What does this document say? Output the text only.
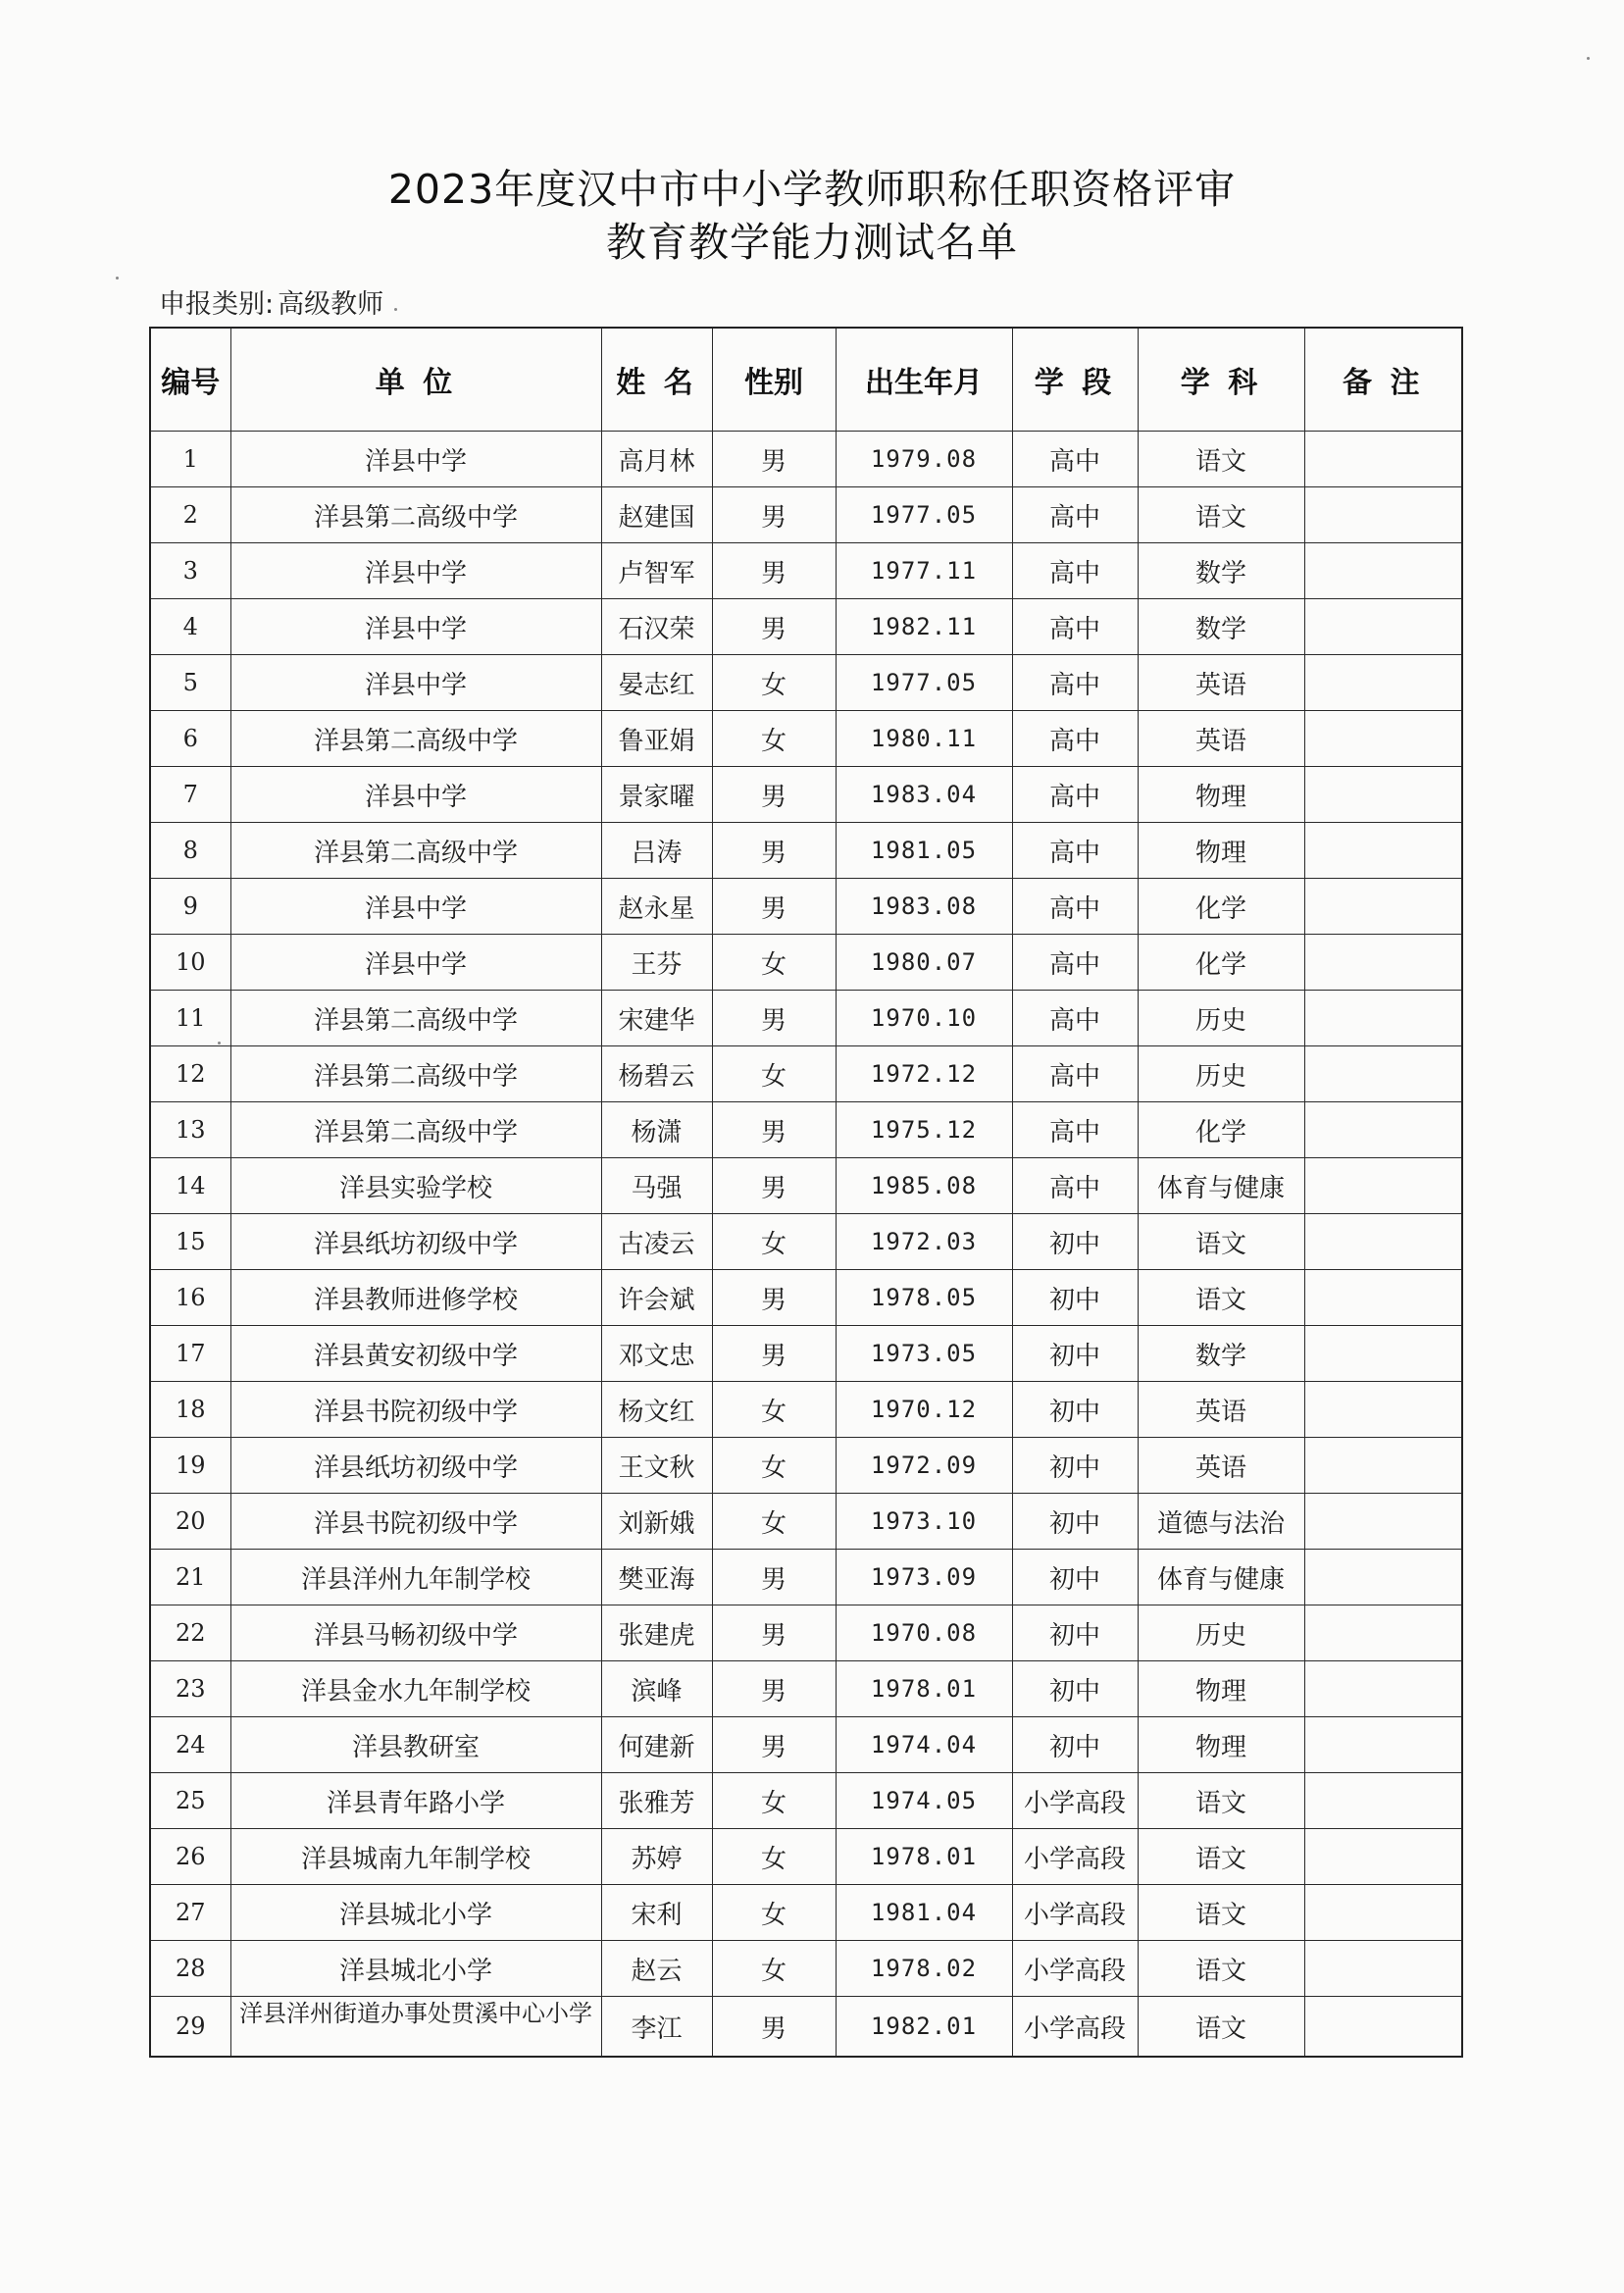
2023年度汉中市中小学教师职称任职资格评审
教育教学能力测试名单
申报类别: 高级教师
编号	单 位	姓 名	性别	出生年月	学 段	学 科	备 注
1	洋县中学	高月林	男	1979.08	高中	语文	
2	洋县第二高级中学	赵建国	男	1977.05	高中	语文	
3	洋县中学	卢智军	男	1977.11	高中	数学	
4	洋县中学	石汉荣	男	1982.11	高中	数学	
5	洋县中学	晏志红	女	1977.05	高中	英语	
6	洋县第二高级中学	鲁亚娟	女	1980.11	高中	英语	
7	洋县中学	景家曜	男	1983.04	高中	物理	
8	洋县第二高级中学	吕涛	男	1981.05	高中	物理	
9	洋县中学	赵永星	男	1983.08	高中	化学	
10	洋县中学	王芬	女	1980.07	高中	化学	
11	洋县第二高级中学	宋建华	男	1970.10	高中	历史	
12	洋县第二高级中学	杨碧云	女	1972.12	高中	历史	
13	洋县第二高级中学	杨潇	男	1975.12	高中	化学	
14	洋县实验学校	马强	男	1985.08	高中	体育与健康	
15	洋县纸坊初级中学	古凌云	女	1972.03	初中	语文	
16	洋县教师进修学校	许会斌	男	1978.05	初中	语文	
17	洋县黄安初级中学	邓文忠	男	1973.05	初中	数学	
18	洋县书院初级中学	杨文红	女	1970.12	初中	英语	
19	洋县纸坊初级中学	王文秋	女	1972.09	初中	英语	
20	洋县书院初级中学	刘新娥	女	1973.10	初中	道德与法治	
21	洋县洋州九年制学校	樊亚海	男	1973.09	初中	体育与健康	
22	洋县马畅初级中学	张建虎	男	1970.08	初中	历史	
23	洋县金水九年制学校	滨峰	男	1978.01	初中	物理	
24	洋县教研室	何建新	男	1974.04	初中	物理	
25	洋县青年路小学	张雅芳	女	1974.05	小学高段	语文	
26	洋县城南九年制学校	苏婷	女	1978.01	小学高段	语文	
27	洋县城北小学	宋利	女	1981.04	小学高段	语文	
28	洋县城北小学	赵云	女	1978.02	小学高段	语文	
29	洋县洋州街道办事处贯溪中心小学	李江	男	1982.01	小学高段	语文	
